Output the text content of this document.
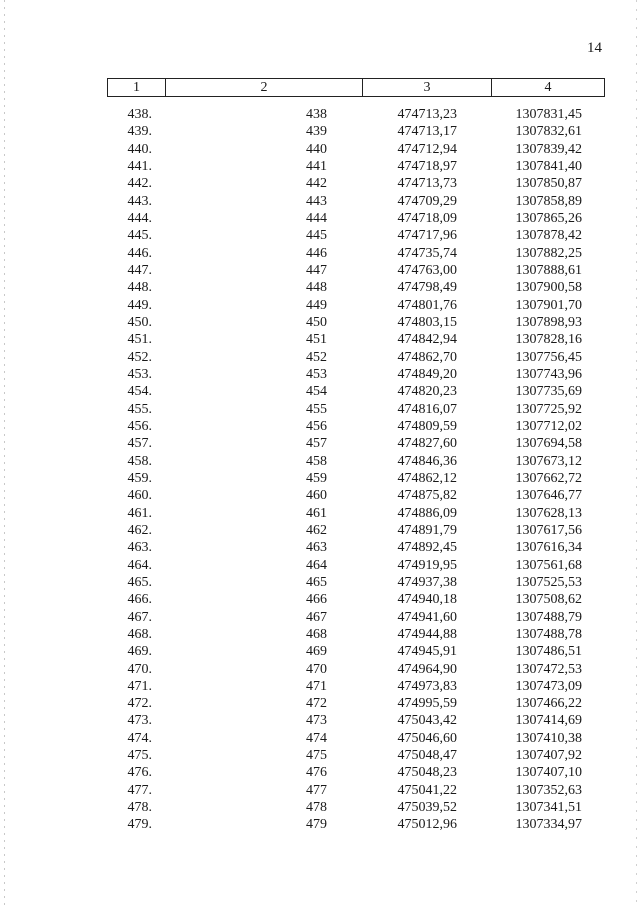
14
1	2	3	4
438.	438	474713,23	1307831,45
439.	439	474713,17	1307832,61
440.	440	474712,94	1307839,42
441.	441	474718,97	1307841,40
442.	442	474713,73	1307850,87
443.	443	474709,29	1307858,89
444.	444	474718,09	1307865,26
445.	445	474717,96	1307878,42
446.	446	474735,74	1307882,25
447.	447	474763,00	1307888,61
448.	448	474798,49	1307900,58
449.	449	474801,76	1307901,70
450.	450	474803,15	1307898,93
451.	451	474842,94	1307828,16
452.	452	474862,70	1307756,45
453.	453	474849,20	1307743,96
454.	454	474820,23	1307735,69
455.	455	474816,07	1307725,92
456.	456	474809,59	1307712,02
457.	457	474827,60	1307694,58
458.	458	474846,36	1307673,12
459.	459	474862,12	1307662,72
460.	460	474875,82	1307646,77
461.	461	474886,09	1307628,13
462.	462	474891,79	1307617,56
463.	463	474892,45	1307616,34
464.	464	474919,95	1307561,68
465.	465	474937,38	1307525,53
466.	466	474940,18	1307508,62
467.	467	474941,60	1307488,79
468.	468	474944,88	1307488,78
469.	469	474945,91	1307486,51
470.	470	474964,90	1307472,53
471.	471	474973,83	1307473,09
472.	472	474995,59	1307466,22
473.	473	475043,42	1307414,69
474.	474	475046,60	1307410,38
475.	475	475048,47	1307407,92
476.	476	475048,23	1307407,10
477.	477	475041,22	1307352,63
478.	478	475039,52	1307341,51
479.	479	475012,96	1307334,97
